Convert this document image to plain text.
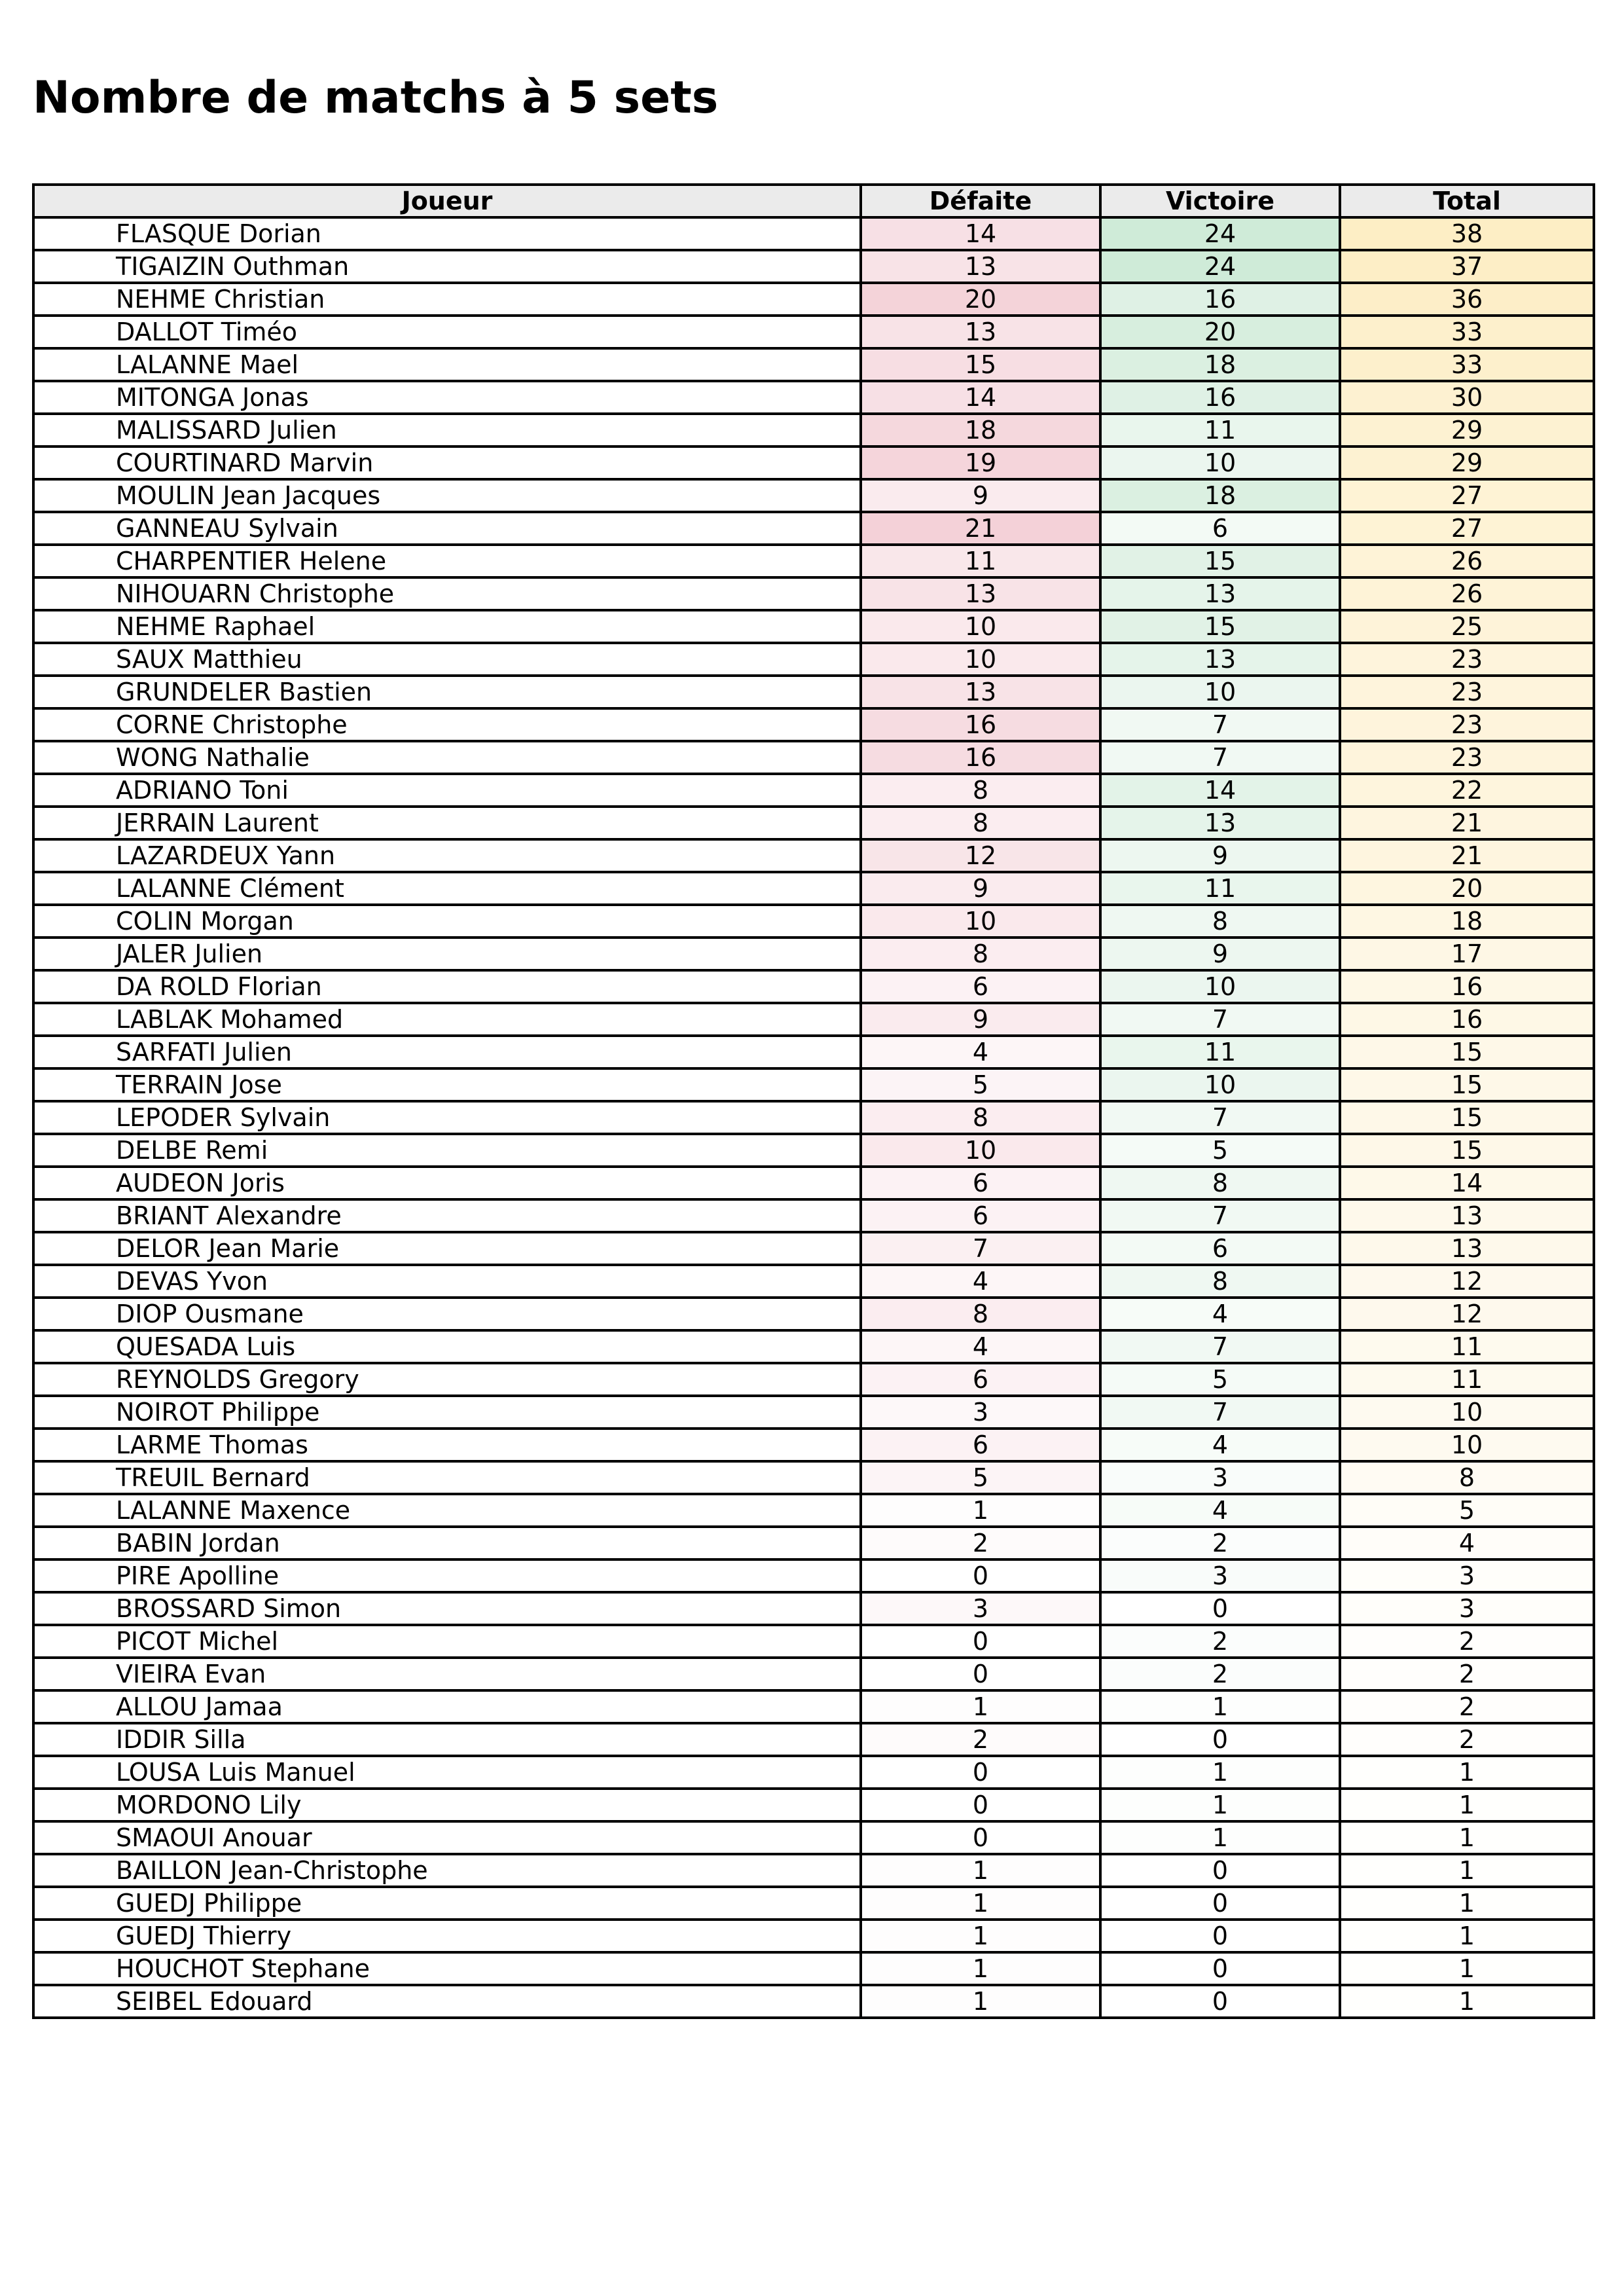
Nombre de matchs à 5 sets
Joueur	Défaite	Victoire	Total
FLASQUE Dorian	14	24	38
TIGAIZIN Outhman	13	24	37
NEHME Christian	20	16	36
DALLOT Timéo	13	20	33
LALANNE Mael	15	18	33
MITONGA Jonas	14	16	30
MALISSARD Julien	18	11	29
COURTINARD Marvin	19	10	29
MOULIN Jean Jacques	9	18	27
GANNEAU Sylvain	21	6	27
CHARPENTIER Helene	11	15	26
NIHOUARN Christophe	13	13	26
NEHME Raphael	10	15	25
SAUX Matthieu	10	13	23
GRUNDELER Bastien	13	10	23
CORNE Christophe	16	7	23
WONG Nathalie	16	7	23
ADRIANO Toni	8	14	22
JERRAIN Laurent	8	13	21
LAZARDEUX Yann	12	9	21
LALANNE Clément	9	11	20
COLIN Morgan	10	8	18
JALER Julien	8	9	17
DA ROLD Florian	6	10	16
LABLAK Mohamed	9	7	16
SARFATI Julien	4	11	15
TERRAIN Jose	5	10	15
LEPODER Sylvain	8	7	15
DELBE Remi	10	5	15
AUDEON Joris	6	8	14
BRIANT Alexandre	6	7	13
DELOR Jean Marie	7	6	13
DEVAS Yvon	4	8	12
DIOP Ousmane	8	4	12
QUESADA Luis	4	7	11
REYNOLDS Gregory	6	5	11
NOIROT Philippe	3	7	10
LARME Thomas	6	4	10
TREUIL Bernard	5	3	8
LALANNE Maxence	1	4	5
BABIN Jordan	2	2	4
PIRE Apolline	0	3	3
BROSSARD Simon	3	0	3
PICOT Michel	0	2	2
VIEIRA Evan	0	2	2
ALLOU Jamaa	1	1	2
IDDIR Silla	2	0	2
LOUSA Luis Manuel	0	1	1
MORDONO Lily	0	1	1
SMAOUI Anouar	0	1	1
BAILLON Jean-Christophe	1	0	1
GUEDJ Philippe	1	0	1
GUEDJ Thierry	1	0	1
HOUCHOT Stephane	1	0	1
SEIBEL Edouard	1	0	1
